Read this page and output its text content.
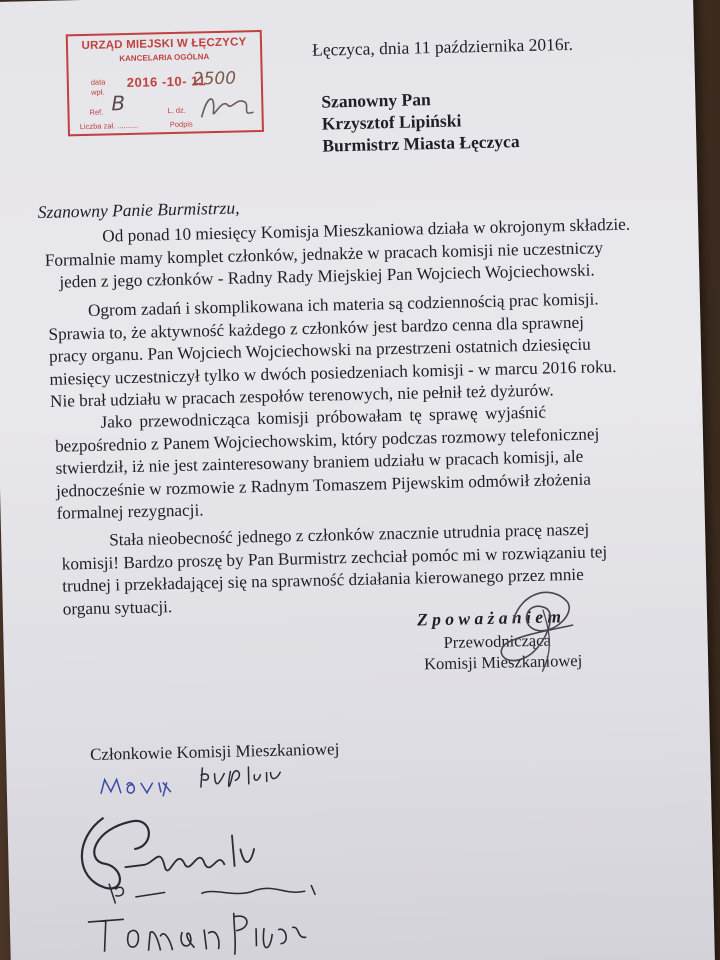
URZĄD MIEJSKI W ŁĘCZYCY
KANCELARIA OGÓLNA
data
wpł.
2016 -10- 11
2500
Ref. B	L. dz.
Liczba zał. ..........	Podpis
Łęczyca, dnia 11 października 2016r.
Szanowny Pan
Krzysztof Lipiński
Burmistrz Miasta Łęczyca
Szanowny Panie Burmistrzu,
Od ponad 10 miesięcy Komisja Mieszkaniowa działa w okrojonym składzie.
Formalnie mamy komplet członków, jednakże w pracach komisji nie uczestniczy
jeden z jego członków - Radny Rady Miejskiej Pan Wojciech Wojciechowski.
Ogrom zadań i skomplikowana ich materia są codziennością prac komisji.
Sprawia to, że aktywność każdego z członków jest bardzo cenna dla sprawnej
pracy organu. Pan Wojciech Wojciechowski na przestrzeni ostatnich dziesięciu
miesięcy uczestniczył tylko w dwóch posiedzeniach komisji - w marcu 2016 roku.
Nie brał udziału w pracach zespołów terenowych, nie pełnił też dyżurów.
Jako przewodnicząca komisji próbowałam tę sprawę wyjaśnić
bezpośrednio z Panem Wojciechowskim, który podczas rozmowy telefonicznej
stwierdził, iż nie jest zainteresowany braniem udziału w pracach komisji, ale
jednocześnie w rozmowie z Radnym Tomaszem Pijewskim odmówił złożenia
formalnej rezygnacji.
Stała nieobecność jednego z członków znacznie utrudnia pracę naszej
komisji! Bardzo proszę by Pan Burmistrz zechciał pomóc mi w rozwiązaniu tej
trudnej i przekładającej się na sprawność działania kierowanego przez mnie
organu sytuacji.	Z p o w a ż a n i e m
Przewodnicząca
Komisji Mieszkaniowej
Członkowie Komisji Mieszkaniowej
